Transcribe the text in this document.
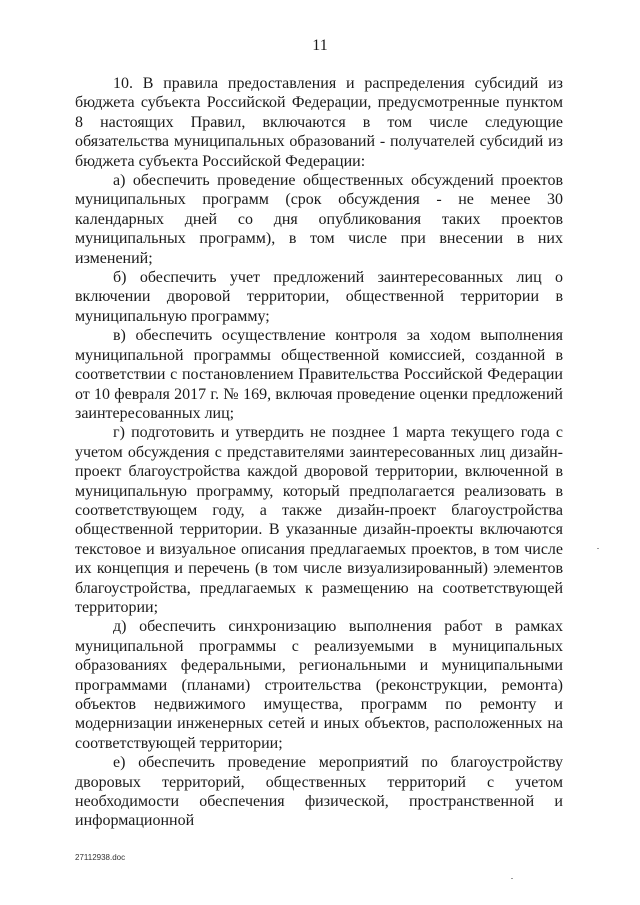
11

10. В правила предоставления и распределения субсидий из бюджета субъекта Российской Федерации, предусмотренные пунктом 8 настоящих Правил, включаются в том числе следующие обязательства муниципальных образований - получателей субсидий из бюджета субъекта Российской Федерации:

а) обеспечить проведение общественных обсуждений проектов муниципальных программ (срок обсуждения - не менее 30 календарных дней со дня опубликования таких проектов муниципальных программ), в том числе при внесении в них изменений;

б) обеспечить учет предложений заинтересованных лиц о включении дворовой территории, общественной территории в муниципальную программу;

в) обеспечить осуществление контроля за ходом выполнения муниципальной программы общественной комиссией, созданной в соответствии с постановлением Правительства Российской Федерации от 10 февраля 2017 г. № 169, включая проведение оценки предложений заинтересованных лиц;

г) подготовить и утвердить не позднее 1 марта текущего года с учетом обсуждения с представителями заинтересованных лиц дизайн-проект благоустройства каждой дворовой территории, включенной в муниципальную программу, который предполагается реализовать в соответствующем году, а также дизайн-проект благоустройства общественной территории. В указанные дизайн-проекты включаются текстовое и визуальное описания предлагаемых проектов, в том числе их концепция и перечень (в том числе визуализированный) элементов благоустройства, предлагаемых к размещению на соответствующей территории;

д) обеспечить синхронизацию выполнения работ в рамках муниципальной программы с реализуемыми в муниципальных образованиях федеральными, региональными и муниципальными программами (планами) строительства (реконструкции, ремонта) объектов недвижимого имущества, программ по ремонту и модернизации инженерных сетей и иных объектов, расположенных на соответствующей территории;

е) обеспечить проведение мероприятий по благоустройству дворовых территорий, общественных территорий с учетом необходимости обеспечения физической, пространственной и информационной

27112938.doc
